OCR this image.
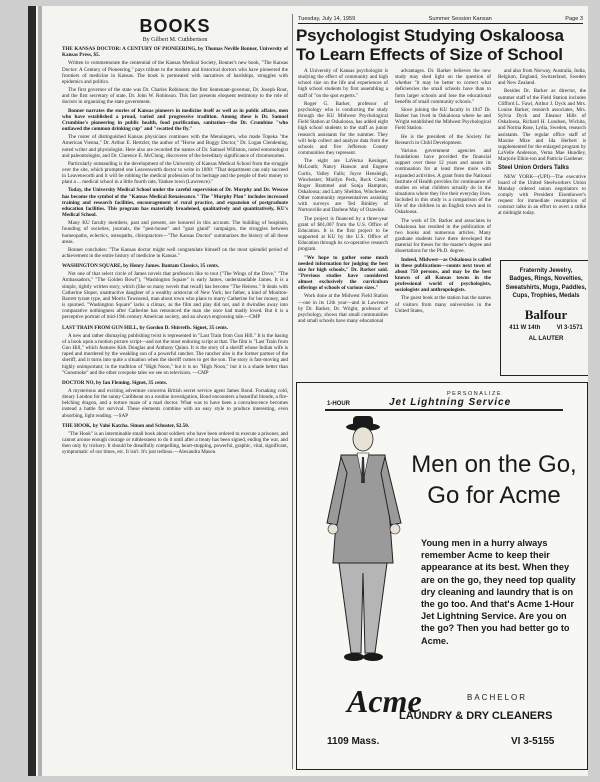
BOOKS
By Gilbert M. Cuthbertson

THE KANSAS DOCTOR: A CENTURY OF PIONEERING, by Thomas Neville Bonner, University of Kansas Press, $5.

Written to commemorate the centennial of the Kansas Medical Society, Bonner's new book, "The Kansas Doctor: A Century of Pioneering," pays tribute to the modern and historical doctors who have pioneered the frontiers of medicine in Kansas. The book is permeated with narratives of hardships, struggles with epidemics and politics.

The first governor of the state was Dr. Charles Robinson; the first lieutenant-governor, Dr. Joseph Root, and the first secretary of state, Dr. John W. Robinson. This fact presents eloquent testimony to the role of doctors in organizing the state government.

Bonner narrates the stories of Kansas pioneers in medicine itself as well as in public affairs, men who have established a proud, varied and progressive tradition. Among these is Dr. Samuel Crumbine's pioneering in public health, food purification, sanitation—the Dr. Crumbine "who outlawed the common drinking cup" and "swatted the fly."

The roster of distinguished Kansas physicians continues with the Menningers, who made Topeka "the American Vienna," Dr. Arthur E. Hertzler, the author of "Horse and Buggy Doctor," Dr. Logan Clendening, noted writer and physiologist. Here also are recorded the names of Dr. Samuel Williston, noted entomologist and paleontologist, and Dr. Clarence E. McClung, discoverer of the hereditary significance of chromosomes.

Particularly outstanding is the development of the University of Kansas Medical School from the struggle over the site, which prompted one Leavenworth doctor to write in 1890: "That department can only succeed in Leavenworth and it will be robbing the medical profession of its heritage and the people of their money to plant a ... medical school in a little fourth rate, Yankee town (Lawrence)."

Today, the University Medical School under the careful supervision of Dr. Murphy and Dr. Wescoe has become the symbol of the "Kansas Medical Renaissance." The "Murphy Plan" includes increased training and research facilities, encouragement of rural practice, and expansion of postgraduate education facilities. This program has materially broadened, qualitatively and quantitatively, KU's Medical School.

Many KU faculty members, past and present, are honored in this account. The building of hospitals, founding of societies, journals, the "pest-house" and "goat gland" campaigns, the struggles between homeopaths, eclectics, osteopaths, chiropractors—"The Kansas Doctor" summarizes the history of all these areas.

Bonner concludes: "The Kansas doctor might well congratulate himself on the most splendid period of achievement in the entire history of medicine in Kansas."

WASHINGTON SQUARE, by Henry James. Bantam Classics, 35 cents.

Not one of that select circle of James novels that professors like to tout ("The Wings of the Dove," "The Ambassadors," "The Golden Bowl"), "Washington Square" is early James, understandable James. It is a simple, tightly written story, which (like so many novels that recall) has become "The Heiress." It deals with Catherine Sloper, unattractive daughter of a wealthy aristocrat of New York; her father, a kind of Moulton-Barrett tyrant type, and Morris Townsend, man about town who plans to marry Catherine for her money, and is spurned. "Washington Square" lacks a climax, as the film and play did not, and it dwindles away into comparative nothingness after Catherine has renounced the man she once had madly loved. But it is a perceptive portrait of mid-19th century American society, and an always engrossing tale.—CMP

LAST TRAIN FROM GUN HILL, by Gordon D. Shirreffs. Signet, 35 cents.

A new and rather dismaying publishing twist is represented in "Last Train from Gun Hill." It is the basing of a book upon a motion picture script—and not the most enduring script at that. The film is "Last Train from Gun Hill," which features Kirk Douglas and Anthony Quinn. It is the story of a sheriff whose Indian wife is raped and murdered by the weakling son of a powerful rancher. The rancher also is the former partner of the sheriff, and it turns into quite a situation when the sheriff comes to get the son. The story is fast-moving and highly unimportant; in the tradition of "High Noon," but it is no "High Noon," but it is a shade better than "Gunsmoke" and the other cowpoke tales we see on television. —CMP

DOCTOR NO, by Ian Fleming. Signet, 35 cents.

A mysterious and exciting adventure concerns British secret service agent James Bond. Forsaking cold, dreary London for the sunny Caribbean on a routine investigation, Bond encounters a beautiful blonde, a fire-belching dragon, and a torture maze of a mad doctor. What was to have been a convalescence becomes instead a battle for survival. These elements combine with an easy style to produce interesting, even absorbing, light reading. —SAP

THE HOOK, by Vahé Katcha. Simon and Schuster, $2.50.

"The Hook" is an interminable small book about soldiers who have been ordered to execute a prisoner, and cannot arouse enough courage or ruthlessness to do it until after a treaty has been signed, ending the war, and then only by trickery. It should be dreadfully compelling, heart-stopping, powerful, graphic, vital, significant, symptomatic of our times, etc. It isn't. It's just tedious.—Alexandra Mason.

Tuesday, July 14, 1959	Summer Session Kansan	Page 3
Psychologist Studying Oskaloosa To Learn Effects of Size of School

A University of Kansas psychologist is studying the effect of community and high school size on the life and experiences of high school students by first assembling a staff of "on the spot experts."

Roger G. Barker, professor of psychology who is conducting the study through the KU Midwest Psychological Field Station at Oskaloosa, has added eight high school students to the staff as junior research assistants for the summer. They will help collect and analyze data from the schools and five Jefferson County communities they represent.

The eight are LaVerna Kesinger, McLouth; Nancy Hanson and Eugene Curtis, Valley Falls; Joyce Hensleigh, Winchester; Marilyn Peck, Rock Creek; Roger Brammel and Sonja Hampton, Oskaloosa; and Larry Sheldon, Winchester. Other community representatives assisting with surveys are Ted Binkley of Nortonville and Darlene May of Ozawkie.

The project is financed by a three-year grant of $61,007 from the U.S. Office of Education. It is the first project to be supported at KU by the U.S. Office of Education through its co-operative research program.

"We hope to gather some much needed information for judging the best size for high schools," Dr. Barker said. "Previous studies have considered almost exclusively the curriculum offerings of schools of various sizes."

Work done at the Midwest Field Station—one in its 12th year—and in Lawrence by Dr. Barker, Dr. Wright, professor of psychology, shows that small communities and small schools have many educational

advantages. Dr. Barker believes the new study may shed light on the question of whether "it may be better to correct what deficiencies the small schools have than to form larger schools and lose the educational benefits of small community schools."

Since joining the KU faculty in 1947 Dr. Barker has lived in Oskaloosa where he and Wright established the Midwest Psychological Field Station.

He is the president of the Society for Research in Child Development.

Various government agencies and foundations have provided the financial support over these 12 years and assure its continuation for at least three more with expanded activities. A grant from the National Institute of Health provides for continuance of studies on what children actually do in the situations where they live their everyday lives. Included in this study is a comparison of the life of the children in an English town and in Oskaloosa.

The work of Dr. Barker and associates in Oskaloosa has resulted in the publication of two books and numerous articles. Many graduate students have there developed the material for theses for the master's degree and dissertations for the Ph.D. degree.

Indeed, Midwest—as Oskaloosa is called in these publications—counts next town of about 750 persons, and may be the best known of all Kansas towns in the professional world of psychologists, sociologists and anthropologists.

The guest book at the station has the names of visitors from many universities in the United States,

and also from Norway, Australia, India, Belgium, England, Switzerland, Sweden and New Zealand.

Besides Dr. Barker as director, the summer staff of the Field Station includes Clifford L. Fawl, Arthur J. Dyck and Mrs. Louise Barker, research associates, Mrs. Sylvia Dyck and Eleanor Hills of Oskaloosa, Richard H. Lundsen, Wichita, and Norma Ruse, Lydia, Sweden, research assistants. The regular office staff of Maxine Mize and Ida Herbert is supplemented for the enlarged program by LaVelle Anderson, Verna Mae Hundley, Marjorie Elkin-ton and Patricia Gardener.

Steel Union Orders Talks

NEW YORK—(UPI)—The executive board of the United Steelworkers Union Monday ordered union negotiators to comply with President Eisenhower's request for immediate resumption of contract talks in an effort to avert a strike at midnight today.

Fraternity Jewelry,
Badges, Rings, Novelties,
Sweatshirts, Mugs, Paddles,
Cups, Trophies, Medals
Balfour
411 W 14th	VI 3-1571
AL LAUTER
PERSONALIZE
1-HOUR	Jet Lightning Service
Men on the Go,
Go for Acme
Young men in a hurry always remember Acme to keep their appearance at its best. When they are on the go, they need top quality dry cleaning and laundry that is on the go too. And that's Acme 1-Hour Jet Lightning Service. Are you on the go? Then you had better go to Acme.
Acme	BACHELOR
LAUNDRY & DRY CLEANERS
1109 Mass.	VI 3-5155
